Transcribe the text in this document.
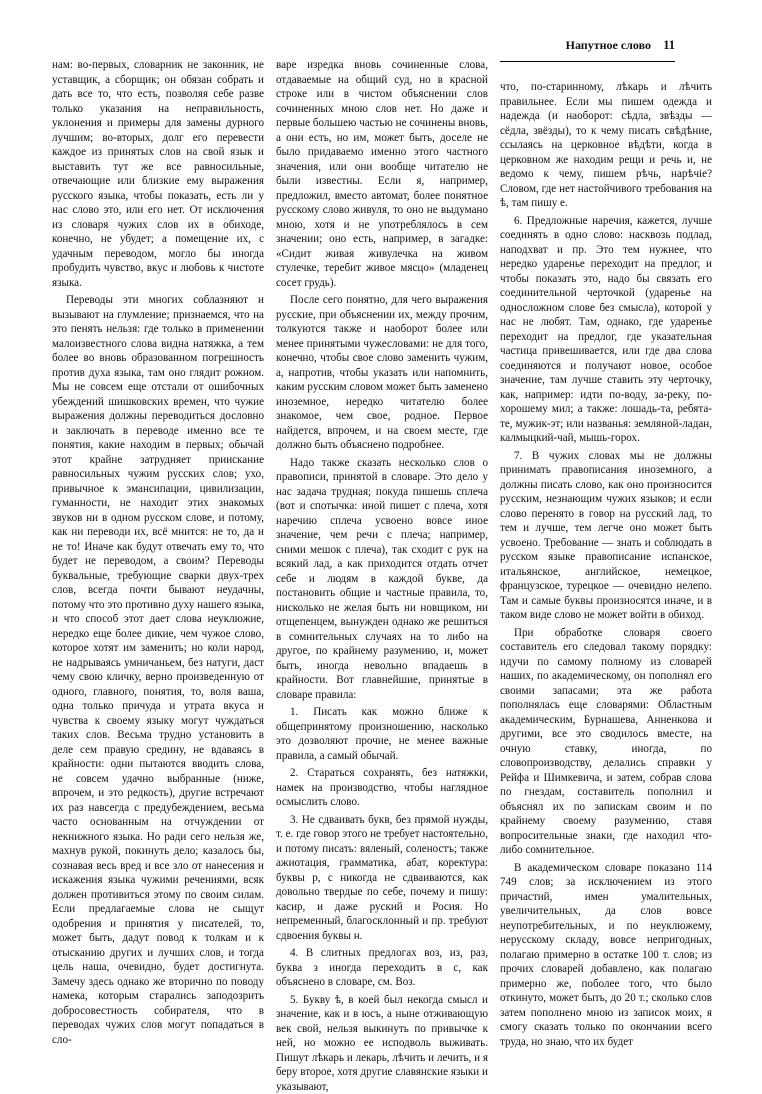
Напутное слово 11

нам: во-первых, словарник не законник, не уставщик, а сборщик; он обязан собрать и дать все то, что есть, позволяя себе разве только указания на неправильность, уклонения и примеры для замены дурного лучшим; во-вторых, долг его перевести каждое из принятых слов на свой язык и выставить тут же все равносильные, отвечающие или близкие ему выражения русского языка, чтобы показать, есть ли у нас слово это, или его нет. От исключения из словаря чужих слов их в обиходе, конечно, не убудет; а помещение их, с удачным переводом, могло бы иногда пробудить чувство, вкус и любовь к чистоте языка.

Переводы эти многих соблазняют и вызывают на глумление; признаемся, что на это пенять нельзя: где только в применении малоизвестного слова видна натяжка, а тем более во вновь образованном погрешность против духа языка, там оно глядит рожном. Мы не совсем еще отстали от ошибочных убеждений шишковских времен, что чужие выражения должны переводиться дословно и заключать в переводе именно все те понятия, какие находим в первых; обычай этот крайне затрудняет приискание равносильных чужим русских слов; ухо, привычное к эмансипации, цивилизации, гуманности, не находит этих знакомых звуков ни в одном русском слове, и потому, как ни переводи их, всё мнится: не то, да и не то! Иначе как будут отвечать ему то, что будет не переводом, а своим? Переводы буквальные, требующие сварки двух-трех слов, всегда почти бывают неудачны, потому что это противно духу нашего языка, и что способ этот дает слова неуклюжие, нередко еще более дикие, чем чужое слово, которое хотят им заменить; но коли народ, не надрываясь умничаньем, без натуги, даст чему свою кличку, верно произведенную от одного, главного, понятия, то, воля ваша, одна только причуда и утрата вкуса и чувства к своему языку могут чуждаться таких слов. Весьма трудно установить в деле сем правую средину, не вдаваясь в крайности: одни пытаются вводить слова, не совсем удачно выбранные (ниже, впрочем, и это редкость), другие встречают их раз навсегда с предубеждением, весьма часто основанным на отчуждении от некнижного языка. Но ради сего нельзя же, махнув рукой, покинуть дело; казалось бы, сознавая весь вред и все зло от нанесения и искажения языка чужими речениями, всяк должен противиться этому по своим силам. Если предлагаемые слова не сыщут одобрения и принятия у писателей, то, может быть, дадут повод к толкам и к отысканию других и лучших слов, и тогда цель наша, очевидно, будет достигнута. Замечу здесь однако же вторично по поводу намека, которым старались заподозрить добросовестность собирателя, что в переводах чужих слов могут попадаться в сло-

варе изредка вновь сочиненные слова, отдаваемые на общий суд, но в красной строке или в чистом объяснении слов сочиненных мною слов нет. Но даже и первые большею частью не сочинены вновь, а они есть, но им, может быть, доселе не было придаваемо именно этого частного значения, или они вообще читателю не были известны. Если я, например, предложил, вместо автомат, более понятное русскому слово живуля, то оно не выдумано мною, хотя и не употреблялось в сем значении; оно есть, например, в загадке: «Сидит живая живулечка на живом стулечке, теребит живое мясцо» (младенец сосет грудь).

После сего понятно, для чего выражения русские, при объяснении их, между прочим, толкуются также и наоборот более или менее принятыми чужесловами: не для того, конечно, чтобы свое слово заменить чужим, а, напротив, чтобы указать или напомнить, каким русским словом может быть заменено иноземное, нередко читателю более знакомое, чем свое, родное. Первое найдется, впрочем, и на своем месте, где должно быть объяснено подробнее.

Надо также сказать несколько слов о правописи, принятой в словаре. Это дело у нас задача трудная; покуда пишешь сплеча (вот и спотычка: иной пишет с плеча, хотя наречию сплеча усвоено вовсе иное значение, чем речи с плеча; например, сними мешок с плеча), так сходит с рук на всякий лад, а как приходится отдать отчет себе и людям в каждой букве, да постановить общие и частные правила, то, нисколько не желая быть ни новщиком, ни отщепенцем, вынужден однако же решиться в сомнительных случаях на то либо на другое, по крайнему разумению, и, может быть, иногда невольно впадаешь в крайности. Вот главнейшие, принятые в словаре правила:

1. Писать как можно ближе к общепринятому произношению, насколько это дозволяют прочие, не менее важные правила, а самый обычай.

2. Стараться сохранять, без натяжки, намек на производство, чтобы наглядное осмыслить слово.

3. Не сдваивать букв, без прямой нужды, т. е. где говор этого не требует настоятельно, и потому писать: вяленый, соленостъ; также ажиотация, грамматика, абат, коректура: буквы р, с никогда не сдваиваются, как довольно твердые по себе, почему и пишу: касир, и даже руский и Росия. Но непременный, благосклонный и пр. требуют сдвоения буквы н.

4. В слитных предлогах воз, из, раз, буква з иногда переходить в с, как объяснено в словаре, см. Воз.

5. Букву ѣ, в коей был некогда смысл и значение, как и в юсъ, а ныне отживающую век свой, нельзя выкинуть по привычке к ней, но можно ее исподволь выживать. Пишут лѣкарь и лекарь, лѣчить и лечить, и я беру второе, хотя другие славянские языки и указывают,

что, по-старинному, лѣкарь и лѣчить правильнее. Если мы пишем одежда и надежда (и наоборот: сѣдла, звѣзды — сёдла, звёзды), то к чему писать свѣдѣние, ссылаясь на церковное вѣдѣти, когда в церковном же находим рещи и речь и, не ведомо к чему, пишем рѣчь, нарѣчіе? Словом, где нет настойчивого требования на ѣ, там пишу е.

6. Предложные наречия, кажется, лучше соединять в одно слово: насквозь подлад, наподхват и пр. Это тем нужнее, что нередко ударенье переходит на предлог, и чтобы показать это, надо бы связать его соединительной черточкой (ударенье на односложном слове без смысла), которой у нас не любят. Там, однако, где ударенье переходит на предлог, где указательная частица привешивается, или где два слова соединяются и получают новое, особое значение, там лучше ставить эту черточку, как, например: идти по-воду, за-реку, по-хорошему мил; а также: лошадь-та, ребята-те, мужик-эт; или названья: земляной-ладан, калмыцкий-чай, мышь-горох.

7. В чужих словах мы не должны принимать правописания иноземного, а должны писать слово, как оно произносится русским, незнающим чужих языков; и если слово перенято в говор на русский лад, то тем и лучше, тем легче оно может быть усвоено. Требование — знать и соблюдать в русском языке правописание испанское, итальянское, английское, немецкое, французское, турецкое — очевидно нелепо. Там и самые буквы произносятся иначе, и в таком виде слово не может войти в обиход.

При обработке словаря своего составитель его следовал такому порядку: идучи по самому полному из словарей наших, по академическому, он пополнял его своими запасами; эта же работа пополнялась еще словарями: Областным академическим, Бурнашева, Анненкова и другими, все это сводилось вместе, на очную ставку, иногда, по словопроизводству, делались справки у Рейфа и Шимкевича, и затем, собрав слова по гнездам, составитель пополнил и объяснял их по запискам своим и по крайнему своему разумению, ставя вопросительные знаки, где находил что-либо сомнительное.

В академическом словаре показано 114 749 слов; за исключением из этого причастий, имен умалительных, увеличительных, да слов вовсе неупотребительных, и по неуклюжему, нерусскому складу, вовсе непригодных, полагаю примерно в остатке 100 т. слов; из прочих словарей добавлено, как полагаю примерно же, поболее того, что было откинуто, может быть, до 20 т.; сколько слов затем пополнено мною из записок моих, я смогу сказать только по окончании всего труда, но знаю, что их будет
